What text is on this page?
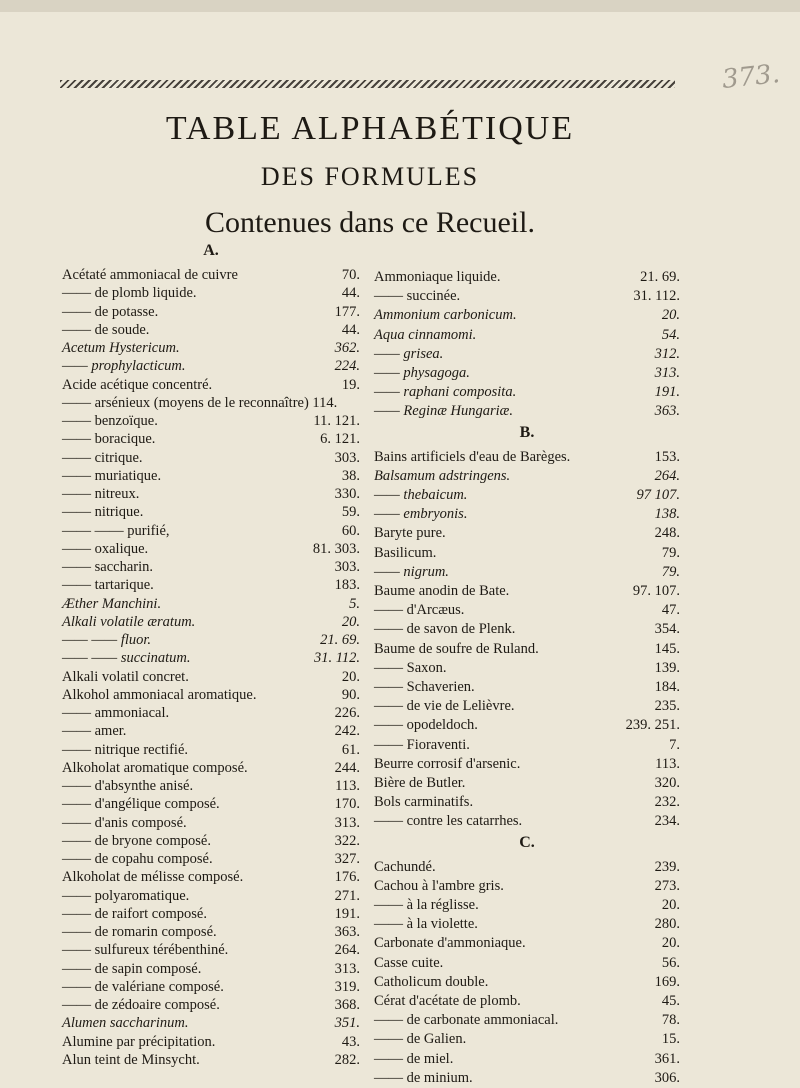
373.
TABLE ALPHABÉTIQUE
DES FORMULES
Contenues dans ce Recueil.
A.
Acétaté ammoniacal de cuivre	70.
—— de plomb liquide.	44.
—— de potasse.	177.
—— de soude.	44.
Acetum Hystericum.	362.
—— prophylacticum.	224.
Acide acétique concentré.	19.
—— arsénieux (moyens de le reconnaître) 114.
—— benzoïque.	11. 121.
—— boracique.	6. 121.
—— citrique.	303.
—— muriatique.	38.
—— nitreux.	330.
—— nitrique.	59.
—— —— purifié,	60.
—— oxalique.	81. 303.
—— saccharin.	303.
—— tartarique.	183.
Æther Manchini.	5.
Alkali volatile æratum.	20.
—— —— fluor.	21. 69.
—— —— succinatum.	31. 112.
Alkali volatil concret.	20.
Alkohol ammoniacal aromatique.	90.
—— ammoniacal.	226.
—— amer.	242.
—— nitrique rectifié.	61.
Alkoholat aromatique composé.	244.
—— d'absynthe anisé.	113.
—— d'angélique composé.	170.
—— d'anis composé.	313.
—— de bryone composé.	322.
—— de copahu composé.	327.
Alkoholat de mélisse composé.	176.
—— polyaromatique.	271.
—— de raifort composé.	191.
—— de romarin composé.	363.
—— sulfureux térébenthiné.	264.
—— de sapin composé.	313.
—— de valériane composé.	319.
—— de zédoaire composé.	368.
Alumen saccharinum.	351.
Alumine par précipitation.	43.
Alun teint de Minsycht.	282.
Ammoniaque liquide.	21. 69.
—— succinée.	31. 112.
Ammonium carbonicum.	20.
Aqua cinnamomi.	54.
—— grisea.	312.
—— physagoga.	313.
—— raphani composita.	191.
—— Reginæ Hungariæ.	363.
B.
Bains artificiels d'eau de Barèges.	153.
Balsamum adstringens.	264.
—— thebaicum.	97 107.
—— embryonis.	138.
Baryte pure.	248.
Basilicum.	79.
—— nigrum.	79.
Baume anodin de Bate.	97. 107.
—— d'Arcæus.	47.
—— de savon de Plenk.	354.
Baume de soufre de Ruland.	145.
—— Saxon.	139.
—— Schaverien.	184.
—— de vie de Lelièvre.	235.
—— opodeldoch.	239. 251.
—— Fioraventi.	7.
Beurre corrosif d'arsenic.	113.
Bière de Butler.	320.
Bols carminatifs.	232.
—— contre les catarrhes.	234.
C.
Cachundé.	239.
Cachou à l'ambre gris.	273.
—— à la réglisse.	20.
—— à la violette.	280.
Carbonate d'ammoniaque.	20.
Casse cuite.	56.
Catholicum double.	169.
Cérat d'acétate de plomb.	45.
—— de carbonate ammoniacal.	78.
—— de Galien.	15.
—— de miel.	361.
—— de minium.	306.
